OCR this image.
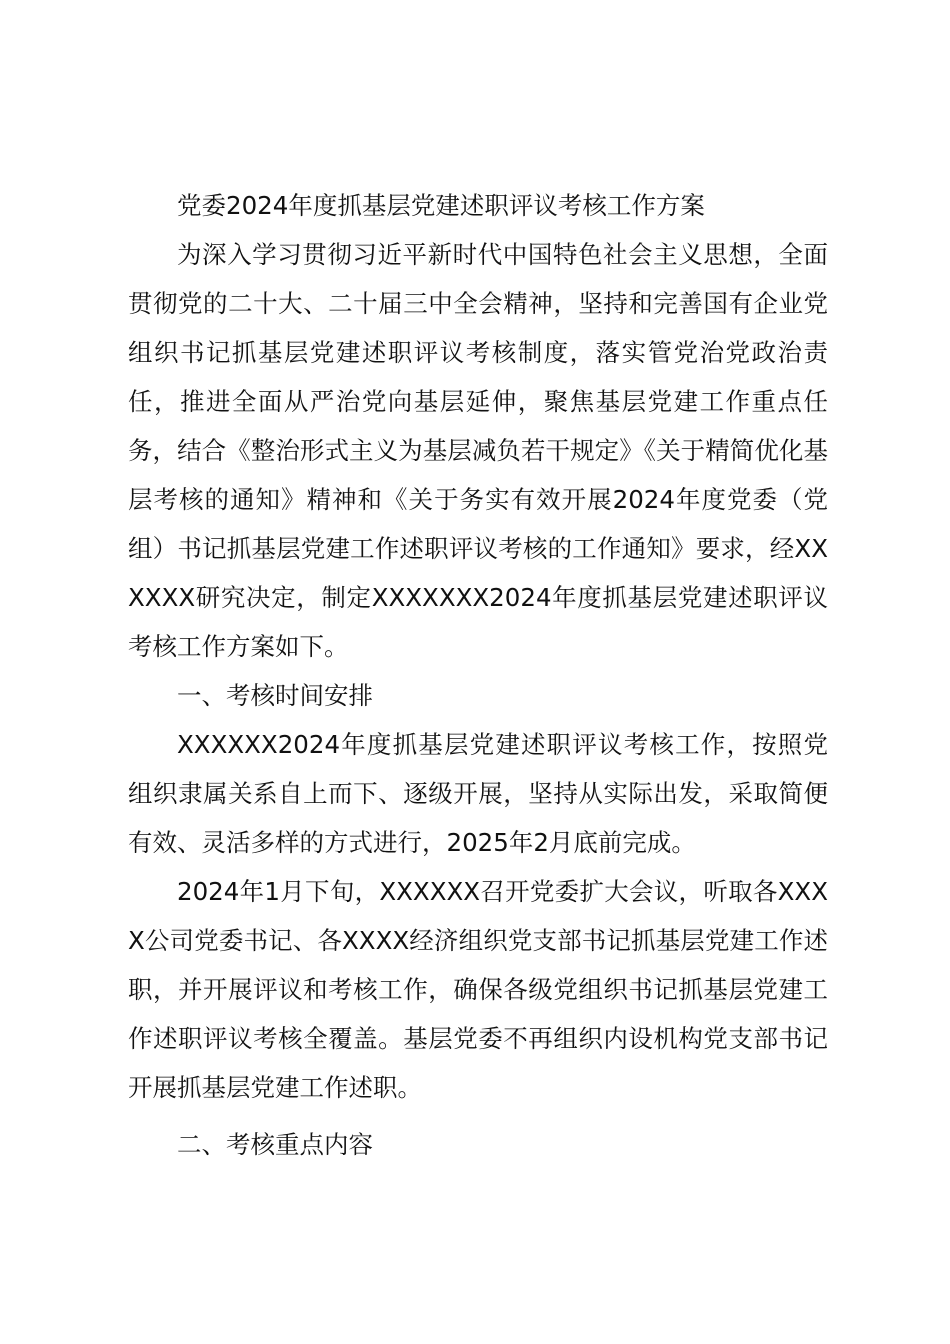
党委2024年度抓基层党建述职评议考核工作方案

为深入学习贯彻习近平新时代中国特色社会主义思想，全面贯彻党的二十大、二十届三中全会精神，坚持和完善国有企业党组织书记抓基层党建述职评议考核制度，落实管党治党政治责任，推进全面从严治党向基层延伸，聚焦基层党建工作重点任务，结合《整治形式主义为基层减负若干规定》《关于精简优化基层考核的通知》精神和《关于务实有效开展2024年度党委（党组）书记抓基层党建工作述职评议考核的工作通知》要求，经XXXXXX研究决定，制定XXXXXXX2024年度抓基层党建述职评议考核工作方案如下。

一、考核时间安排

XXXXXX2024年度抓基层党建述职评议考核工作，按照党组织隶属关系自上而下、逐级开展，坚持从实际出发，采取简便有效、灵活多样的方式进行，2025年2月底前完成。

2024年1月下旬，XXXXXX召开党委扩大会议，听取各XXXX公司党委书记、各XXXX经济组织党支部书记抓基层党建工作述职，并开展评议和考核工作，确保各级党组织书记抓基层党建工作述职评议考核全覆盖。基层党委不再组织内设机构党支部书记开展抓基层党建工作述职。

二、考核重点内容
